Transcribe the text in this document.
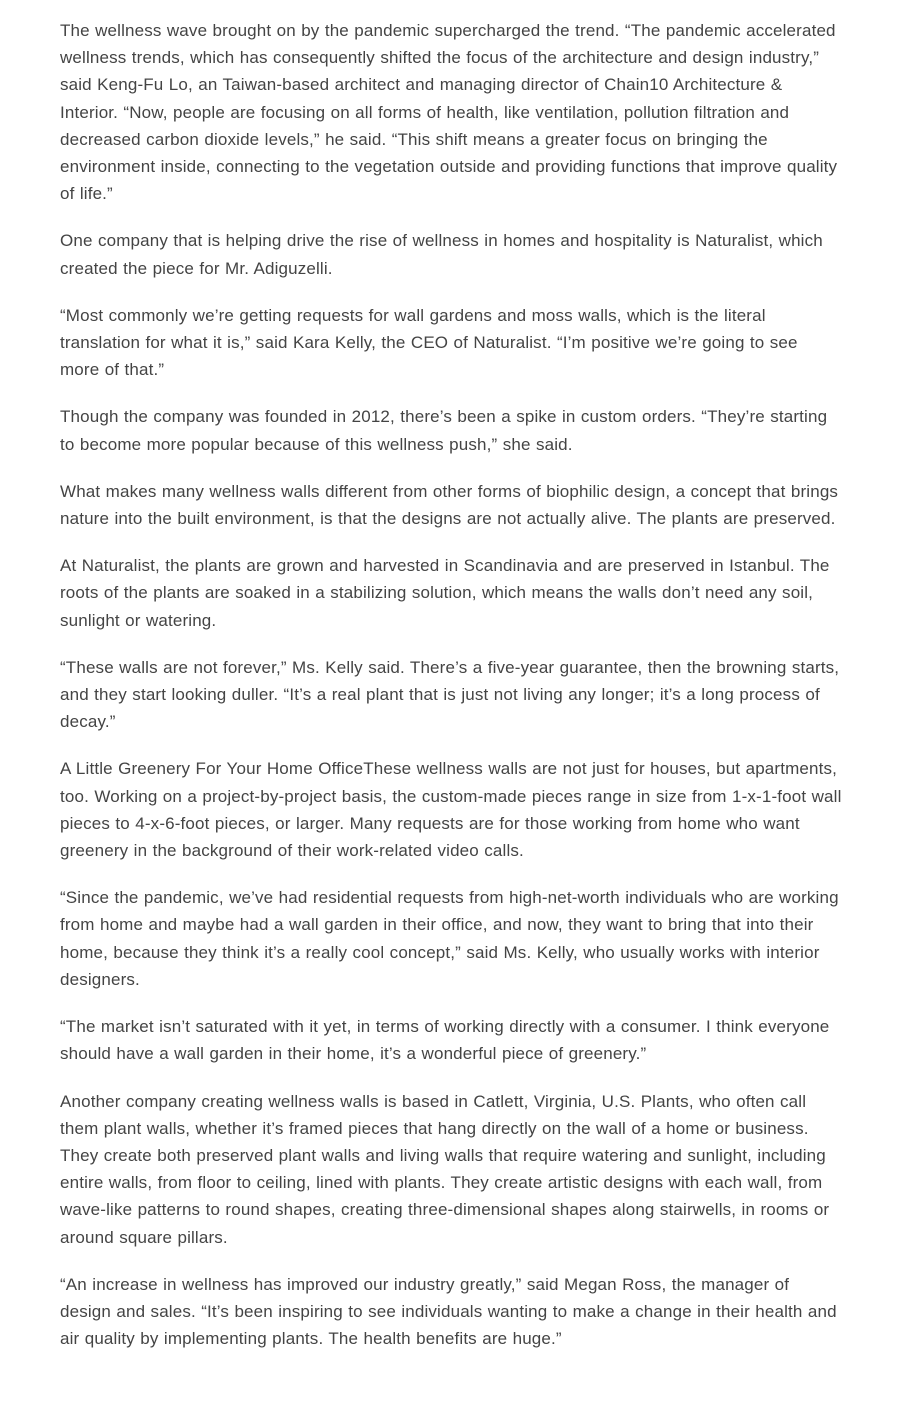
The wellness wave brought on by the pandemic supercharged the trend. “The pandemic accelerated wellness trends, which has consequently shifted the focus of the architecture and design industry,” said Keng-Fu Lo, an Taiwan-based architect and managing director of Chain10 Architecture & Interior. “Now, people are focusing on all forms of health, like ventilation, pollution filtration and decreased carbon dioxide levels,” he said. “This shift means a greater focus on bringing the environment inside, connecting to the vegetation outside and providing functions that improve quality of life.”

One company that is helping drive the rise of wellness in homes and hospitality is Naturalist, which created the piece for Mr. Adiguzelli.

“Most commonly we’re getting requests for wall gardens and moss walls, which is the literal translation for what it is,” said Kara Kelly, the CEO of Naturalist. “I’m positive we’re going to see more of that.”

Though the company was founded in 2012, there’s been a spike in custom orders. “They’re starting to become more popular because of this wellness push,” she said.

What makes many wellness walls different from other forms of biophilic design, a concept that brings nature into the built environment, is that the designs are not actually alive. The plants are preserved.

At Naturalist, the plants are grown and harvested in Scandinavia and are preserved in Istanbul. The roots of the plants are soaked in a stabilizing solution, which means the walls don’t need any soil, sunlight or watering.

“These walls are not forever,” Ms. Kelly said. There’s a five-year guarantee, then the browning starts, and they start looking duller. “It’s a real plant that is just not living any longer; it’s a long process of decay.”

A Little Greenery For Your Home OfficeThese wellness walls are not just for houses, but apartments, too. Working on a project-by-project basis, the custom-made pieces range in size from 1-x-1-foot wall pieces to 4-x-6-foot pieces, or larger. Many requests are for those working from home who want greenery in the background of their work-related video calls.

“Since the pandemic, we’ve had residential requests from high-net-worth individuals who are working from home and maybe had a wall garden in their office, and now, they want to bring that into their home, because they think it’s a really cool concept,” said Ms. Kelly, who usually works with interior designers.

“The market isn’t saturated with it yet, in terms of working directly with a consumer. I think everyone should have a wall garden in their home, it’s a wonderful piece of greenery.”

Another company creating wellness walls is based in Catlett, Virginia, U.S. Plants, who often call them plant walls, whether it’s framed pieces that hang directly on the wall of a home or business. They create both preserved plant walls and living walls that require watering and sunlight, including entire walls, from floor to ceiling, lined with plants. They create artistic designs with each wall, from wave-like patterns to round shapes, creating three-dimensional shapes along stairwells, in rooms or around square pillars.

“An increase in wellness has improved our industry greatly,” said Megan Ross, the manager of design and sales. “It’s been inspiring to see individuals wanting to make a change in their health and air quality by implementing plants. The health benefits are huge.”
